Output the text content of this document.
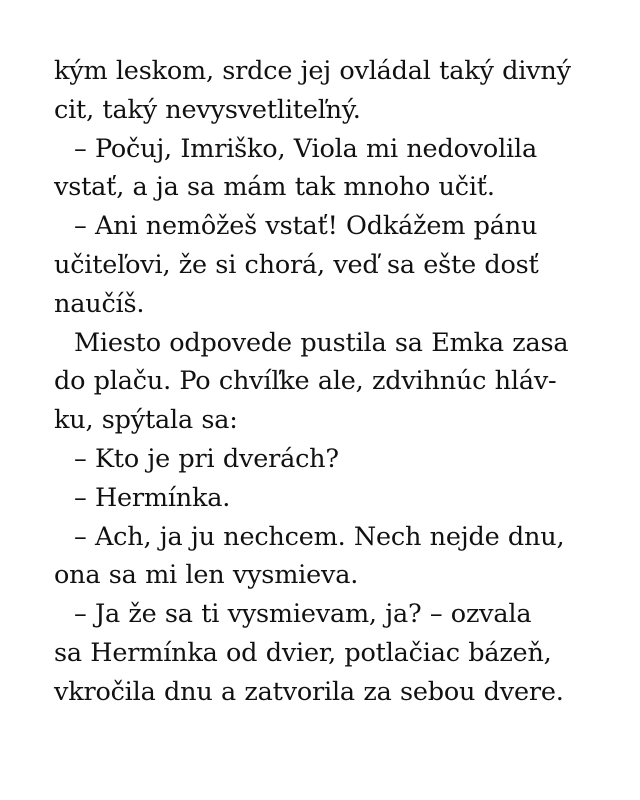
kým leskom, srdce jej ovládal taký divný
cit, taký nevysvetliteľný.
– Počuj, Imriško, Viola mi nedovolila
vstať, a ja sa mám tak mnoho učiť.
– Ani nemôžeš vstať! Odkážem pánu
učiteľovi, že si chorá, veď sa ešte dosť
naučíš.
Miesto odpovede pustila sa Emka zasa
do plaču. Po chvíľke ale, zdvihnúc hláv-
ku, spýtala sa:
– Kto je pri dverách?
– Hermínka.
– Ach, ja ju nechcem. Nech nejde dnu,
ona sa mi len vysmieva.
– Ja že sa ti vysmievam, ja? – ozvala
sa Hermínka od dvier, potlačiac bázeň,
vkročila dnu a zatvorila za sebou dvere.
